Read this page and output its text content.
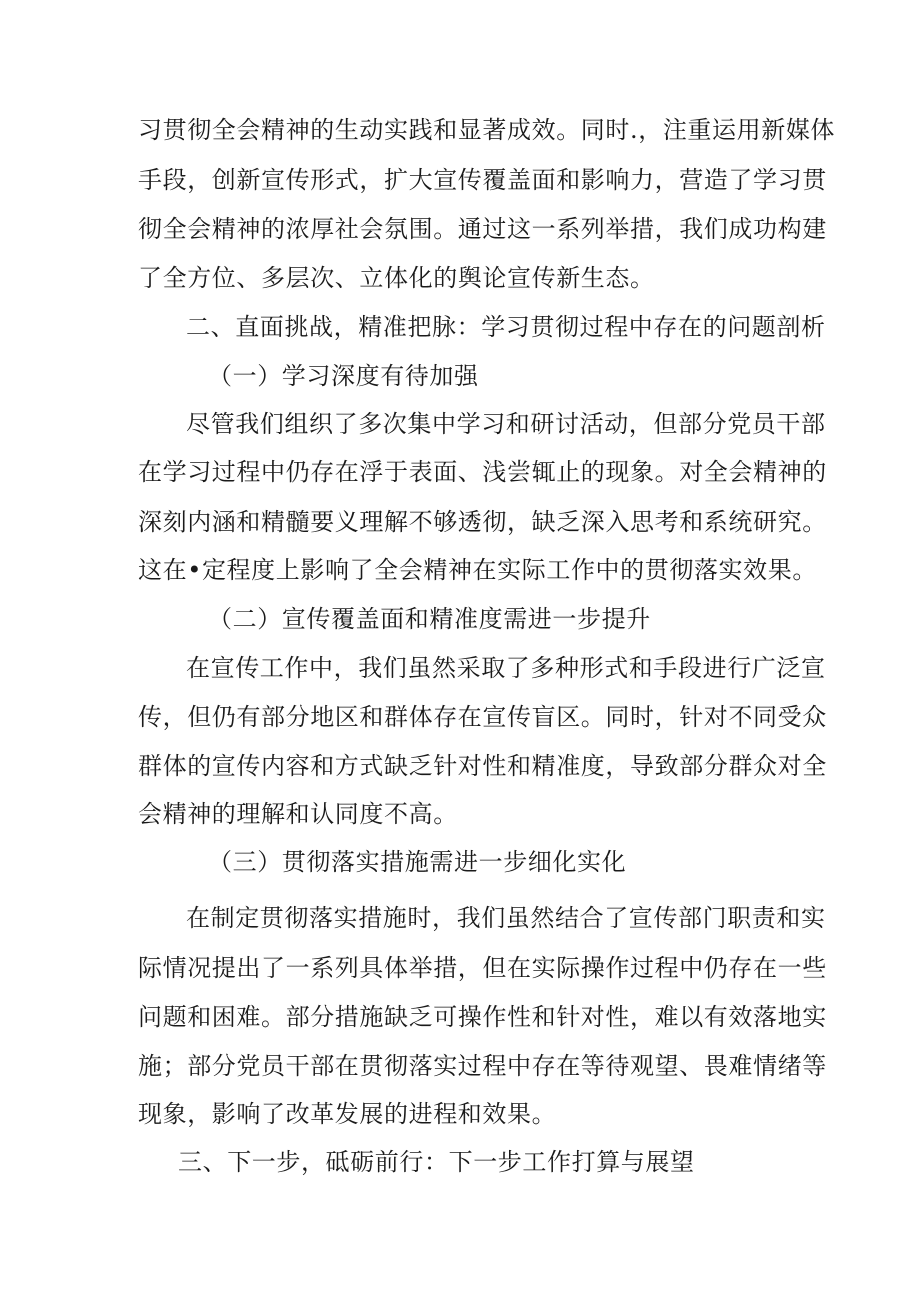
习贯彻全会精神的生动实践和显著成效。同时.，注重运用新媒体
手段，创新宣传形式，扩大宣传覆盖面和影响力，营造了学习贯
彻全会精神的浓厚社会氛围。通过这一系列举措，我们成功构建
了全方位、多层次、立体化的舆论宣传新生态。
二、直面挑战，精准把脉：学习贯彻过程中存在的问题剖析
（一）学习深度有待加强
尽管我们组织了多次集中学习和研讨活动，但部分党员干部
在学习过程中仍存在浮于表面、浅尝辄止的现象。对全会精神的
深刻内涵和精髓要义理解不够透彻，缺乏深入思考和系统研究。
这在•定程度上影响了全会精神在实际工作中的贯彻落实效果。
（二）宣传覆盖面和精准度需进一步提升
在宣传工作中，我们虽然采取了多种形式和手段进行广泛宣
传，但仍有部分地区和群体存在宣传盲区。同时，针对不同受众
群体的宣传内容和方式缺乏针对性和精准度，导致部分群众对全
会精神的理解和认同度不高。
（三）贯彻落实措施需进一步细化实化
在制定贯彻落实措施时，我们虽然结合了宣传部门职责和实
际情况提出了一系列具体举措，但在实际操作过程中仍存在一些
问题和困难。部分措施缺乏可操作性和针对性，难以有效落地实
施；部分党员干部在贯彻落实过程中存在等待观望、畏难情绪等
现象，影响了改革发展的进程和效果。
三、下一步，砥砺前行：下一步工作打算与展望
